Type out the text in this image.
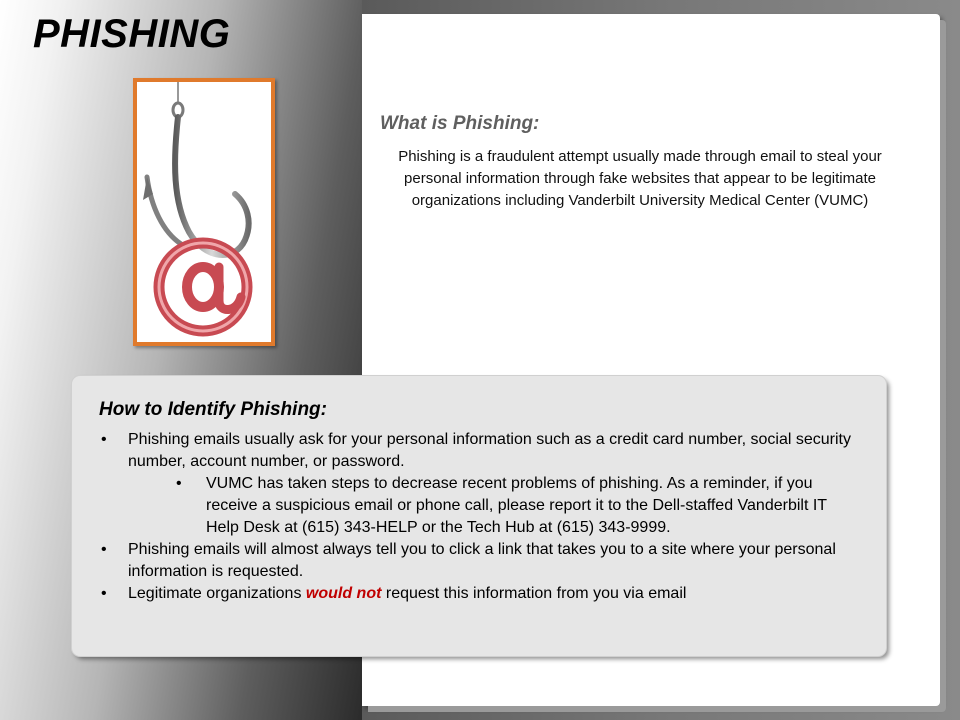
PHISHING
What is Phishing:

Phishing is a fraudulent attempt usually made through email to steal your personal information through fake websites that appear to be legitimate organizations including Vanderbilt University Medical Center (VUMC)

How to Identify Phishing:
• Phishing emails usually ask for your personal information such as a credit card number, social security number, account number, or password.
• VUMC has taken steps to decrease recent problems of phishing. As a reminder, if you receive a suspicious email or phone call, please report it to the Dell-staffed Vanderbilt IT Help Desk at (615) 343-HELP or the Tech Hub at (615) 343-9999.
• Phishing emails will almost always tell you to click a link that takes you to a site where your personal information is requested.
• Legitimate organizations would not request this information from you via email
